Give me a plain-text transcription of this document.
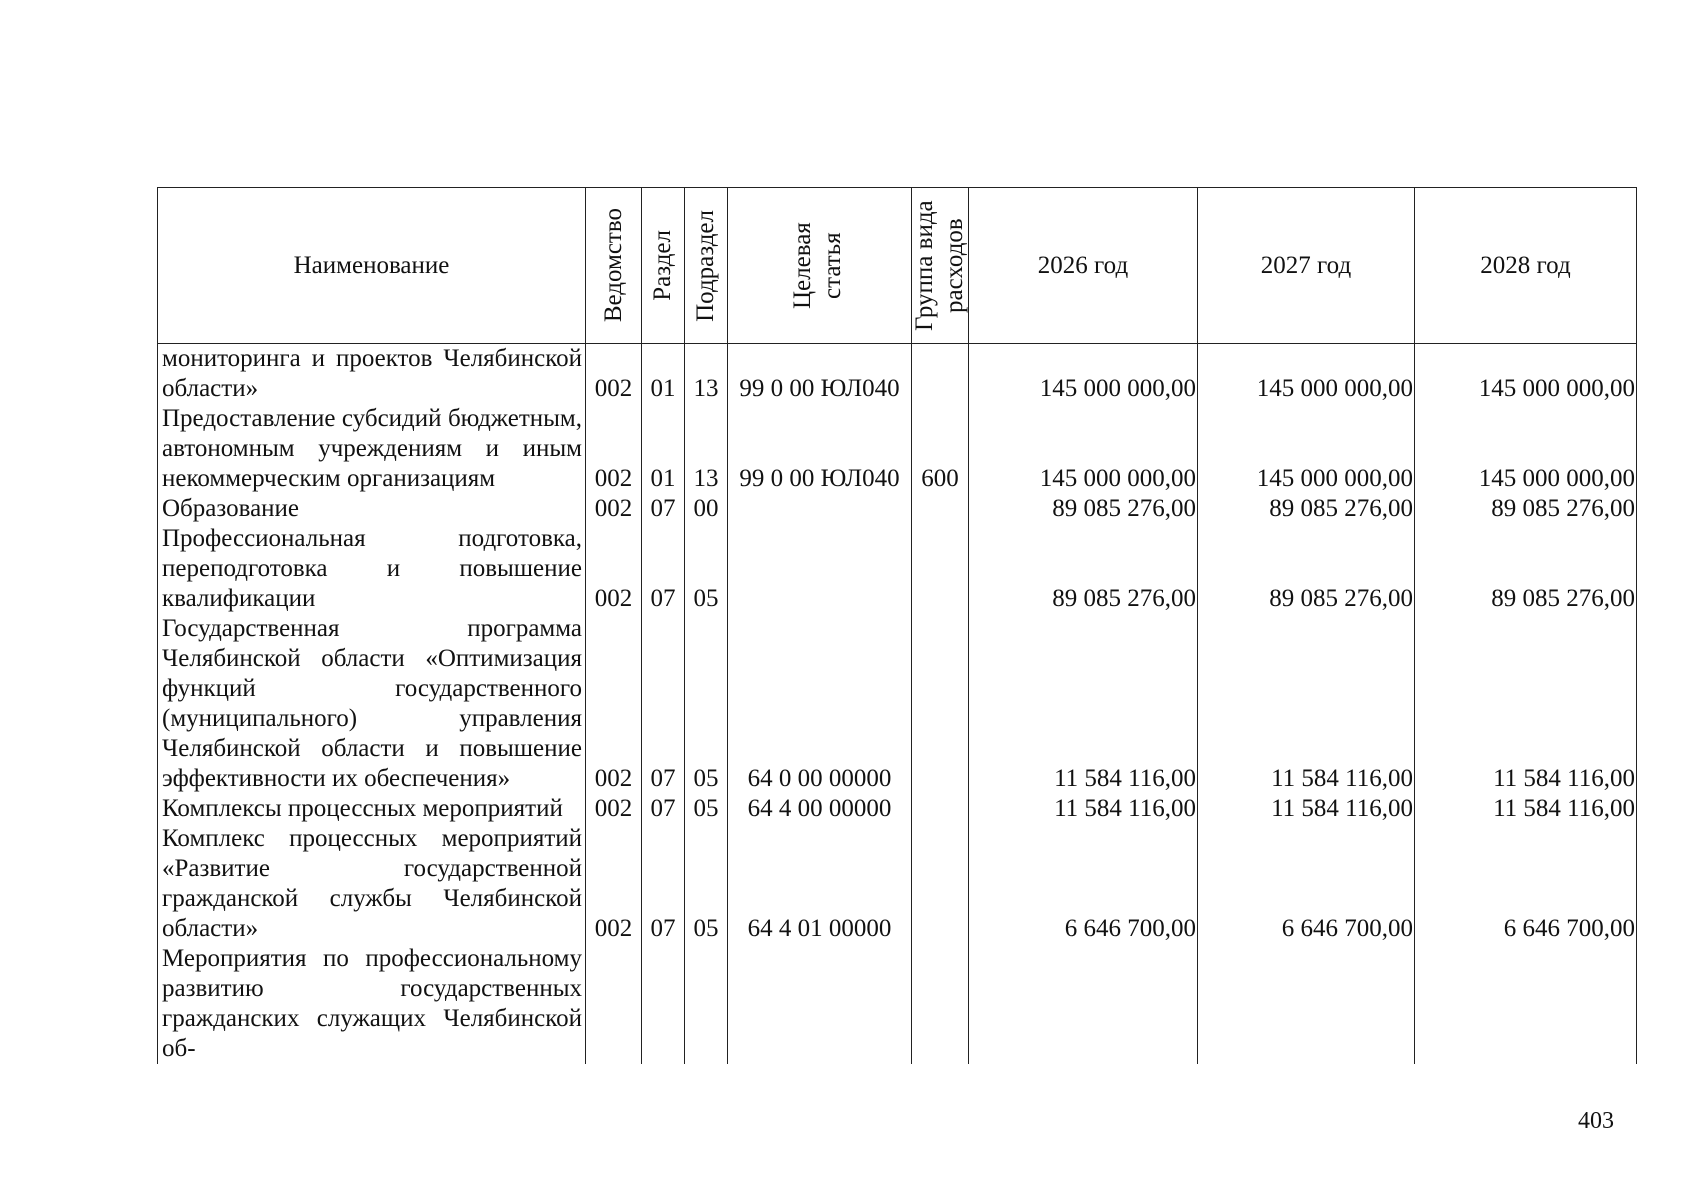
Наименование	Ведомство	Раздел	Подраздел	Целевая статья	Группа вида расходов	2026 год	2027 год	2028 год

мониторинга и проектов Челябинской области»	002	01	13	99 0 00 ЮЛ040		145 000 000,00	145 000 000,00	145 000 000,00
Предоставление субсидий бюджетным, автономным учреждениям и иным некоммерческим организациям	002	01	13	99 0 00 ЮЛ040	600	145 000 000,00	145 000 000,00	145 000 000,00
Образование	002	07	00			89 085 276,00	89 085 276,00	89 085 276,00
Профессиональная подготовка, переподготовка и повышение квалификации	002	07	05			89 085 276,00	89 085 276,00	89 085 276,00
Государственная программа Челябинской области «Оптимизация функций государственного (муниципального) управления Челябинской области и повышение эффективности их обеспечения»	002	07	05	64 0 00 00000		11 584 116,00	11 584 116,00	11 584 116,00
Комплексы процессных мероприятий	002	07	05	64 4 00 00000		11 584 116,00	11 584 116,00	11 584 116,00
Комплекс процессных мероприятий «Развитие государственной гражданской службы Челябинской области»	002	07	05	64 4 01 00000		6 646 700,00	6 646 700,00	6 646 700,00
Мероприятия по профессиональному развитию государственных гражданских служащих Челябинской об-								
403
